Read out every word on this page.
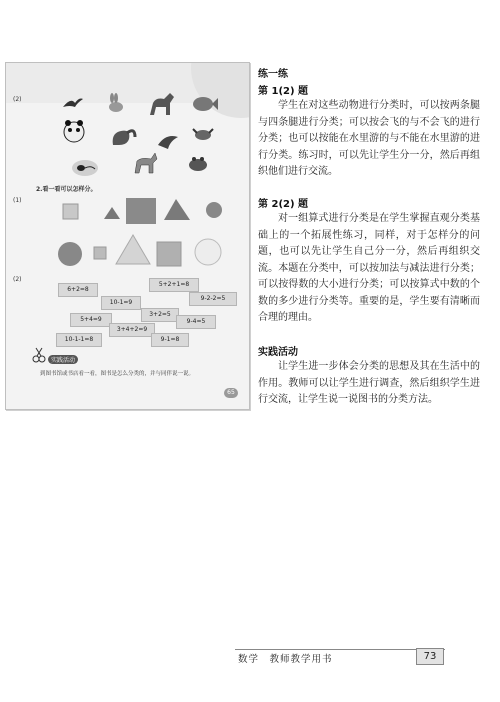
(2)
2.看一看可以怎样分。
(1)
(2)
6+2=8
5+2+1=8
10-1=9
9-2-2=5
3+2=5
5+4=9	9-4=5
3+4+2=9
9-1=8
10-1-1=8
实践活动
到图书馆或书店看一看，图书是怎么分类的，并与同伴说一说。
65
练一练
第 1(2) 题
学生在对这些动物进行分类时，可以按两条腿与四条腿进行分类；可以按会飞的与不会飞的进行分类；也可以按能在水里游的与不能在水里游的进行分类。练习时，可以先让学生分一分，然后再组织他们进行交流。
第 2(2) 题
对一组算式进行分类是在学生掌握直观分类基础上的一个拓展性练习，同样，对于怎样分的问题，也可以先让学生自己分一分，然后再组织交流。本题在分类中，可以按加法与减法进行分类；可以按得数的大小进行分类；可以按算式中数的个数的多少进行分类等。重要的是，学生要有清晰而合理的理由。
实践活动
让学生进一步体会分类的思想及其在生活中的作用。教师可以让学生进行调查，然后组织学生进行交流，让学生说一说图书的分类方法。
数学　教师教学用书	73
